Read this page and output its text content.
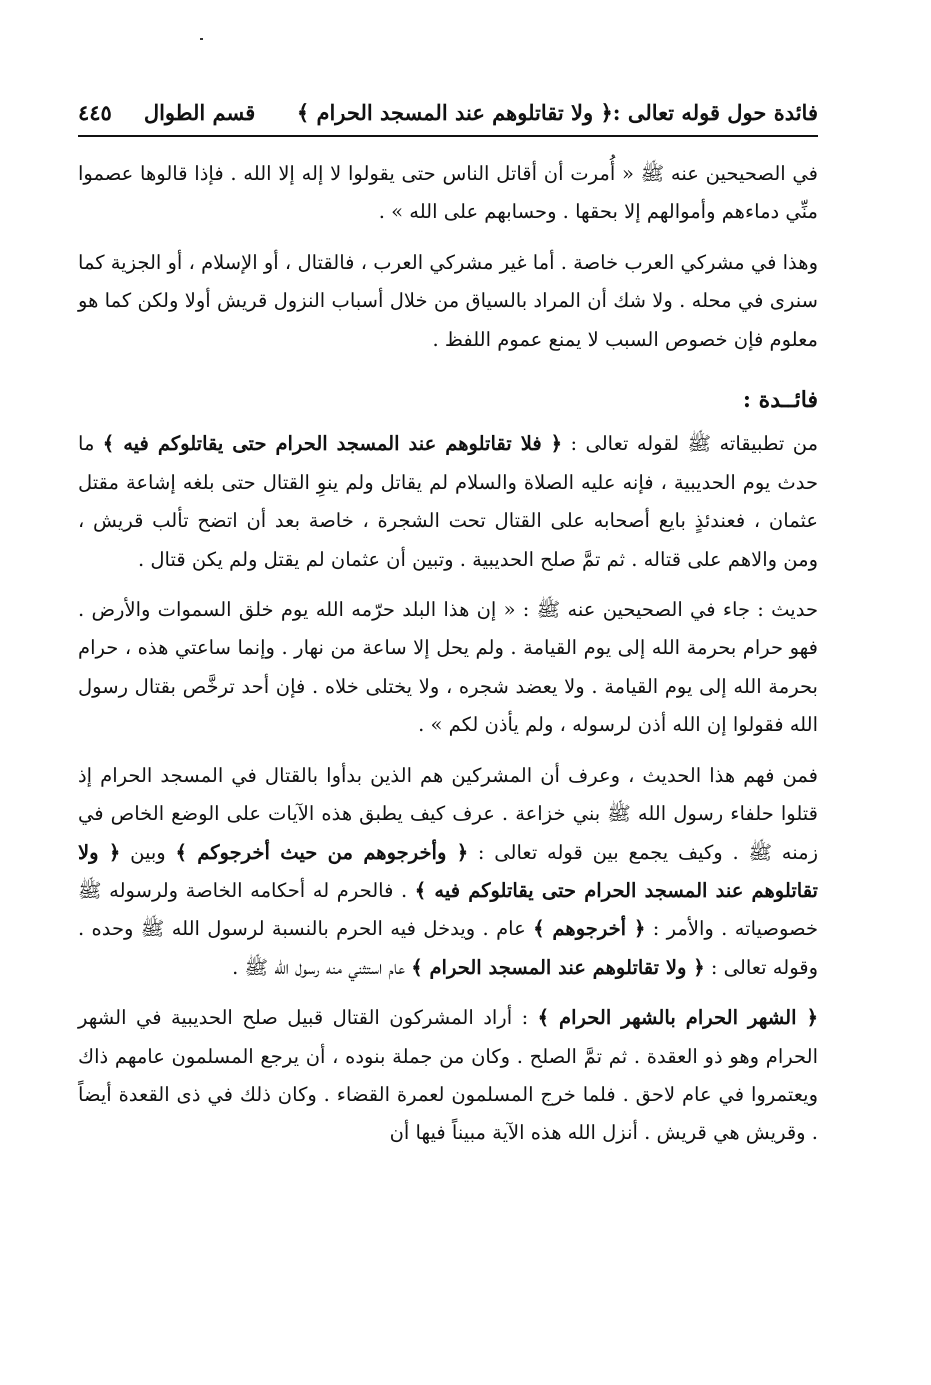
فائدة حول قوله تعالى :﴿ ولا تقاتلوهم عند المسجد الحرام ﴾
قسم الطوال
٤٤٥

في الصحيحين عنه ﷺ « أُمرت أن أقاتل الناس حتى يقولوا لا إله إلا الله . فإذا قالوها عصموا منِّي دماءهم وأموالهم إلا بحقها . وحسابهم على الله » .

وهذا في مشركي العرب خاصة . أما غير مشركي العرب ، فالقتال ، أو الإسلام ، أو الجزية كما سنرى في محله . ولا شك أن المراد بالسياق من خلال أسباب النزول قريش أولا ولكن كما هو معلوم فإن خصوص السبب لا يمنع عموم اللفظ .

فائــدة :

من تطبيقاته ﷺ لقوله تعالى : ﴿ فلا تقاتلوهم عند المسجد الحرام حتى يقاتلوكم فيه ﴾ ما حدث يوم الحديبية ، فإنه عليه الصلاة والسلام لم يقاتل ولم ينوِ القتال حتى بلغه إشاعة مقتل عثمان ، فعندئذٍ بايع أصحابه على القتال تحت الشجرة ، خاصة بعد أن اتضح تألب قريش ، ومن والاهم على قتاله . ثم تمَّ صلح الحديبية . وتبين أن عثمان لم يقتل ولم يكن قتال .

حديث : جاء في الصحيحين عنه ﷺ : « إن هذا البلد حرّمه الله يوم خلق السموات والأرض . فهو حرام بحرمة الله إلى يوم القيامة . ولم يحل إلا ساعة من نهار . وإنما ساعتي هذه ، حرام بحرمة الله إلى يوم القيامة . ولا يعضد شجره ، ولا يختلى خلاه . فإن أحد ترخَّص بقتال رسول الله فقولوا إن الله أذن لرسوله ، ولم يأذن لكم » .

فمن فهم هذا الحديث ، وعرف أن المشركين هم الذين بدأوا بالقتال في المسجد الحرام إذ قتلوا حلفاء رسول الله ﷺ بني خزاعة . عرف كيف يطبق هذه الآيات على الوضع الخاص في زمنه ﷺ . وكيف يجمع بين قوله تعالى : ﴿ وأخرجوهم من حيث أخرجوكم ﴾ وبين ﴿ ولا تقاتلوهم عند المسجد الحرام حتى يقاتلوكم فيه ﴾ . فالحرم له أحكامه الخاصة ولرسوله ﷺ خصوصياته . والأمر : ﴿ أخرجوهم ﴾ عام . ويدخل فيه الحرم بالنسبة لرسول الله ﷺ وحده . وقوله تعالى : ﴿ ولا تقاتلوهم عند المسجد الحرام ﴾ عام استثني منه رسول الله ﷺ .

﴿ الشهر الحرام بالشهر الحرام ﴾ : أراد المشركون القتال قبيل صلح الحديبية في الشهر الحرام وهو ذو العقدة . ثم تمَّ الصلح . وكان من جملة بنوده ، أن يرجع المسلمون عامهم ذاك ويعتمروا في عام لاحق . فلما خرج المسلمون لعمرة القضاء . وكان ذلك في ذى القعدة أيضاً . وقريش هي قريش . أنزل الله هذه الآية مبيناً فيها أن
